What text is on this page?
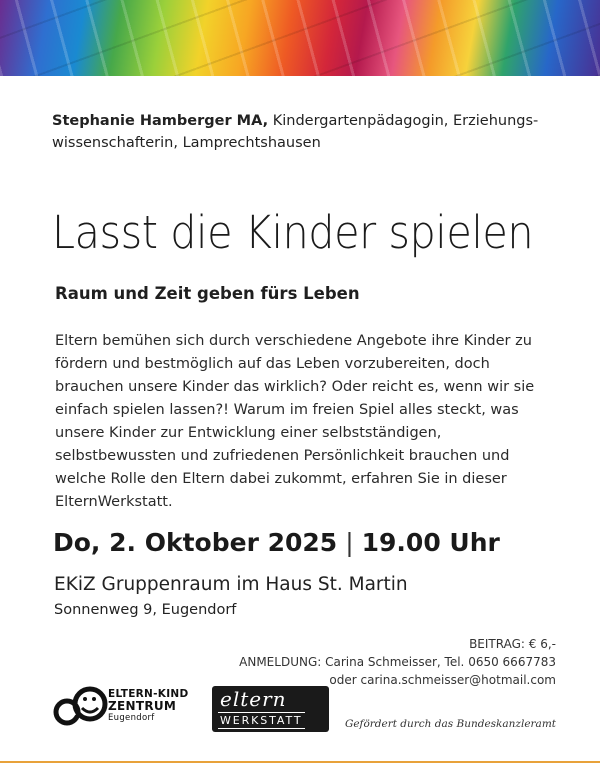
Stephanie Hamberger MA, Kindergartenpädagogin, Erziehungswissenschafterin, Lamprechtshausen
Lasst die Kinder spielen
Raum und Zeit geben fürs Leben
Eltern bemühen sich durch verschiedene Angebote ihre Kinder zu fördern und bestmöglich auf das Leben vorzubereiten, doch brauchen unsere Kinder das wirklich? Oder reicht es, wenn wir sie einfach spielen lassen?! Warum im freien Spiel alles steckt, was unsere Kinder zur Entwicklung einer selbstständigen, selbstbewussten und zufriedenen Persönlichkeit brauchen und welche Rolle den Eltern dabei zukommt, erfahren Sie in dieser ElternWerkstatt.
Do, 2. Oktober 2025 | 19.00 Uhr
EKiZ Gruppenraum im Haus St. Martin
Sonnenweg 9, Eugendorf
BEITRAG: € 6,-
ANMELDUNG: Carina Schmeisser, Tel. 0650 6667783
oder carina.schmeisser@hotmail.com
ELTERN-KIND
ZENTRUM
Eugendorf
eltern
WERKSTATT	Gefördert durch das Bundeskanzleramt
